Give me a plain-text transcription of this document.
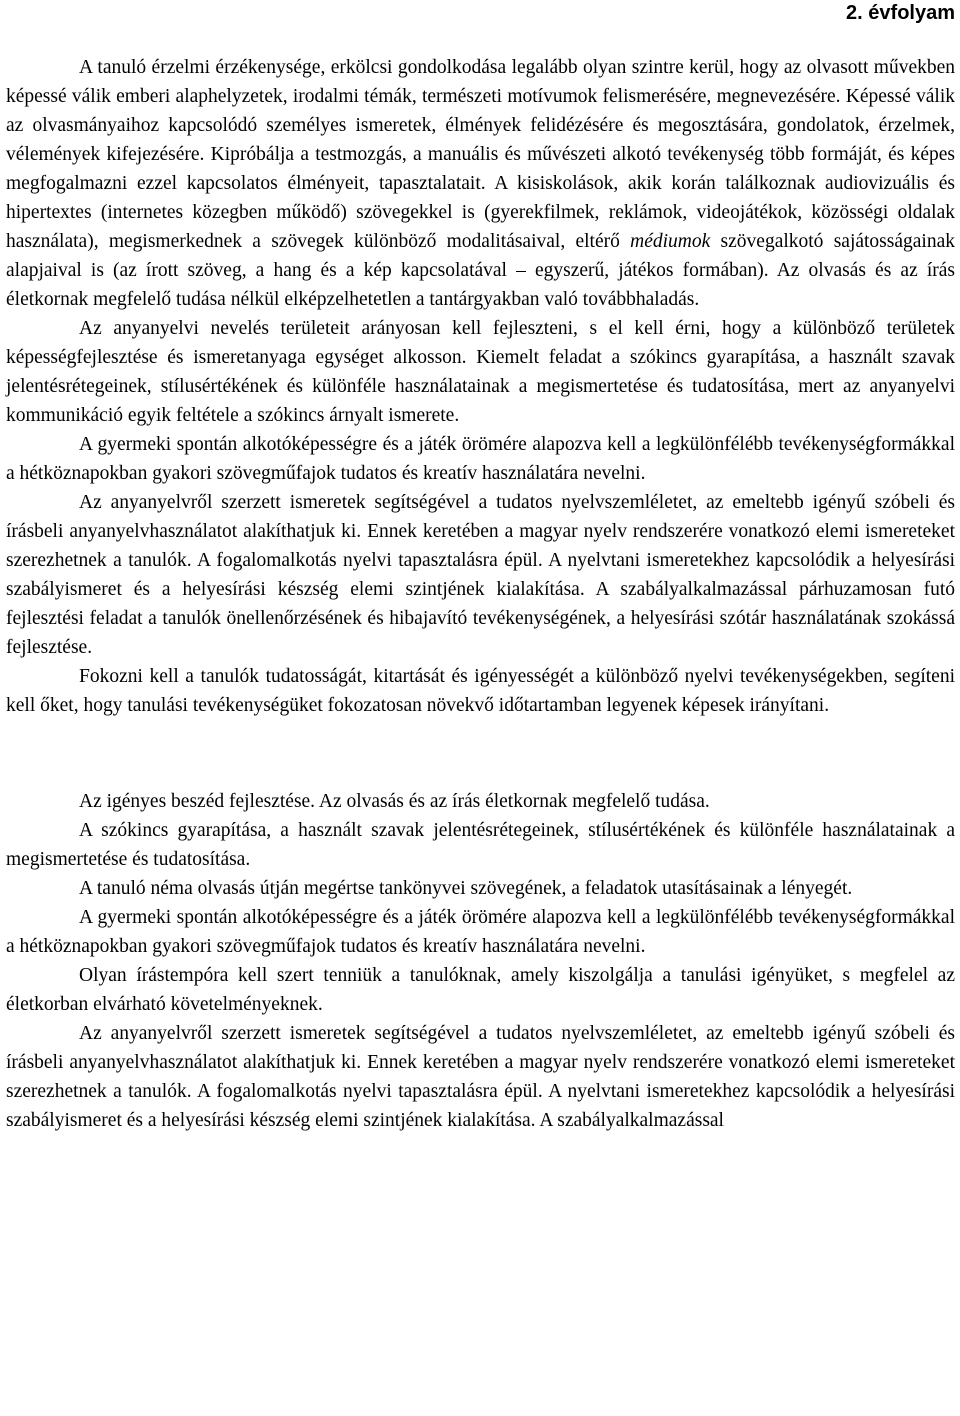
2. évfolyam

A tanuló érzelmi érzékenysége, erkölcsi gondolkodása legalább olyan szintre kerül, hogy az olvasott művekben képessé válik emberi alaphelyzetek, irodalmi témák, természeti motívumok felismerésére, megnevezésére. Képessé válik az olvasmányaihoz kapcsolódó személyes ismeretek, élmények felidézésére és megosztására, gondolatok, érzelmek, vélemények kifejezésére. Kipróbálja a testmozgás, a manuális és művészeti alkotó tevékenység több formáját, és képes megfogalmazni ezzel kapcsolatos élményeit, tapasztalatait. A kisiskolások, akik korán találkoznak audiovizuális és hipertextes (internetes közegben működő) szövegekkel is (gyerekfilmek, reklámok, videojátékok, közösségi oldalak használata), megismerkednek a szövegek különböző modalitásaival, eltérő médiumok szövegalkotó sajátosságainak alapjaival is (az írott szöveg, a hang és a kép kapcsolatával – egyszerű, játékos formában). Az olvasás és az írás életkornak megfelelő tudása nélkül elképzelhetetlen a tantárgyakban való továbbhaladás.

Az anyanyelvi nevelés területeit arányosan kell fejleszteni, s el kell érni, hogy a különböző területek képességfejlesztése és ismeretanyaga egységet alkosson. Kiemelt feladat a szókincs gyarapítása, a használt szavak jelentésrétegeinek, stílusértékének és különféle használatainak a megismertetése és tudatosítása, mert az anyanyelvi kommunikáció egyik feltétele a szókincs árnyalt ismerete.

A gyermeki spontán alkotóképességre és a játék örömére alapozva kell a legkülönfélébb tevékenységformákkal a hétköznapokban gyakori szövegműfajok tudatos és kreatív használatára nevelni.

Az anyanyelvről szerzett ismeretek segítségével a tudatos nyelvszemléletet, az emeltebb igényű szóbeli és írásbeli anyanyelvhasználatot alakíthatjuk ki. Ennek keretében a magyar nyelv rendszerére vonatkozó elemi ismereteket szerezhetnek a tanulók. A fogalomalkotás nyelvi tapasztalásra épül. A nyelvtani ismeretekhez kapcsolódik a helyesírási szabályismeret és a helyesírási készség elemi szintjének kialakítása. A szabályalkalmazással párhuzamosan futó fejlesztési feladat a tanulók önellenőrzésének és hibajavító tevékenységének, a helyesírási szótár használatának szokássá fejlesztése.

Fokozni kell a tanulók tudatosságát, kitartását és igényességét a különböző nyelvi tevékenységekben, segíteni kell őket, hogy tanulási tevékenységüket fokozatosan növekvő időtartamban legyenek képesek irányítani.

Az igényes beszéd fejlesztése. Az olvasás és az írás életkornak megfelelő tudása.

A szókincs gyarapítása, a használt szavak jelentésrétegeinek, stílusértékének és különféle használatainak a megismertetése és tudatosítása.

A tanuló néma olvasás útján megértse tankönyvei szövegének, a feladatok utasításainak a lényegét.

A gyermeki spontán alkotóképességre és a játék örömére alapozva kell a legkülönfélébb tevékenységformákkal a hétköznapokban gyakori szövegműfajok tudatos és kreatív használatára nevelni.

Olyan írástempóra kell szert tenniük a tanulóknak, amely kiszolgálja a tanulási igényüket, s megfelel az életkorban elvárható követelményeknek.

Az anyanyelvről szerzett ismeretek segítségével a tudatos nyelvszemléletet, az emeltebb igényű szóbeli és írásbeli anyanyelvhasználatot alakíthatjuk ki. Ennek keretében a magyar nyelv rendszerére vonatkozó elemi ismereteket szerezhetnek a tanulók. A fogalomalkotás nyelvi tapasztalásra épül. A nyelvtani ismeretekhez kapcsolódik a helyesírási szabályismeret és a helyesírási készség elemi szintjének kialakítása. A szabályalkalmazással
